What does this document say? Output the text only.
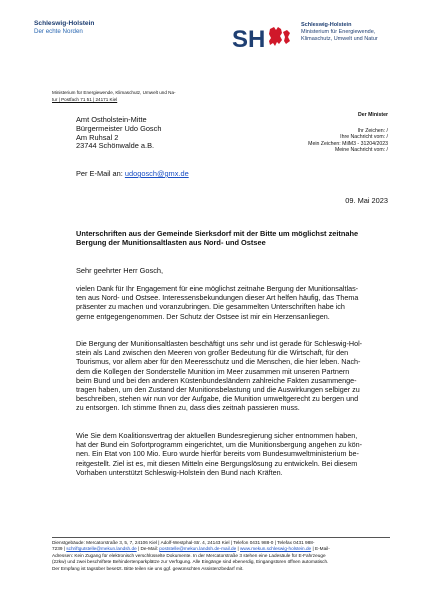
Schleswig-Holstein
Der echte Norden	SH
Schleswig-Holstein
Ministerium für Energiewende,
Klimaschutz, Umwelt und Natur
Ministerium für Energiewende, Klimaschutz, Umwelt und Na-
tur | Postfach 71 51 | 24171 Kiel
Der Minister
Ihr Zeichen: /
Ihre Nachricht vom: /
Mein Zeichen: MilM3 - 31204/2023
Meine Nachricht vom: /
Amt Ostholstein-Mitte
Bürgermeister Udo Gosch
Am Ruhsal 2
23744 Schönwalde a.B.
Per E-Mail an: udogosch@gmx.de
09. Mai 2023
Unterschriften aus der Gemeinde Sierksdorf mit der Bitte um möglichst zeitnahe
Bergung der Munitionsaltlasten aus Nord- und Ostsee
Sehr geehrter Herr Gosch,
vielen Dank für Ihr Engagement für eine möglichst zeitnahe Bergung der Munitionsaltlas-
ten aus Nord- und Ostsee. Interessensbekundungen dieser Art helfen häufig, das Thema
präsenter zu machen und voranzubringen. Die gesammelten Unterschriften habe ich
gerne entgegengenommen. Der Schutz der Ostsee ist mir ein Herzensanliegen.
Die Bergung der Munitionsaltlasten beschäftigt uns sehr und ist gerade für Schleswig-Hol-
stein als Land zwischen den Meeren von großer Bedeutung für die Wirtschaft, für den
Tourismus, vor allem aber für den Meeresschutz und die Menschen, die hier leben. Nach-
dem die Kollegen der Sonderstelle Munition im Meer zusammen mit unseren Partnern
beim Bund und bei den anderen Küstenbundesländern zahlreiche Fakten zusammenge-
tragen haben, um den Zustand der Munitionsbelastung und die Auswirkungen selbiger zu
beschreiben, stehen wir nun vor der Aufgabe, die Munition umweltgerecht zu bergen und
zu entsorgen. Ich stimme Ihnen zu, dass dies zeitnah passieren muss.
Wie Sie dem Koalitionsvertrag der aktuellen Bundesregierung sicher entnommen haben,
hat der Bund ein Sofortprogramm eingerichtet, um die Munitionsbergung angehen zu kön-
nen. Ein Etat von 100 Mio. Euro wurde hierfür bereits vom Bundesumweltministerium be-
reitgestellt. Ziel ist es, mit diesen Mitteln eine Bergungslösung zu entwickeln. Bei diesem
Vorhaben unterstützt Schleswig-Holstein den Bund nach Kräften.
Dienstgebäude: Mercatorstraße 3, 5, 7, 24106 Kiel | Adolf-Westphal-Str. 4, 24143 Kiel | Telefon 0431 988-0 | Telefax 0431 988-
7239 | schriftgutstelle@mekun.landsh.de | De-Mail: poststelle@mekun.landsh.de-mail.de | www.mekun.schleswig-holstein.de | E-Mail-
Adressen: Kein Zugang für elektronisch verschlüsselte Dokumente. In der Mercatorstraße 3 stehen eine Ladesäule für E-Fahrzeuge
(22kw) und zwei beschriftete Behindertenparkplätze zur Verfügung. Alle Eingänge sind ebenerdig, Eingangstüren öffnen automatisch.
Der Empfang ist tagsüber besetzt. Bitte teilen sie uns ggf. gewünschten Assistenzbedarf mit.
